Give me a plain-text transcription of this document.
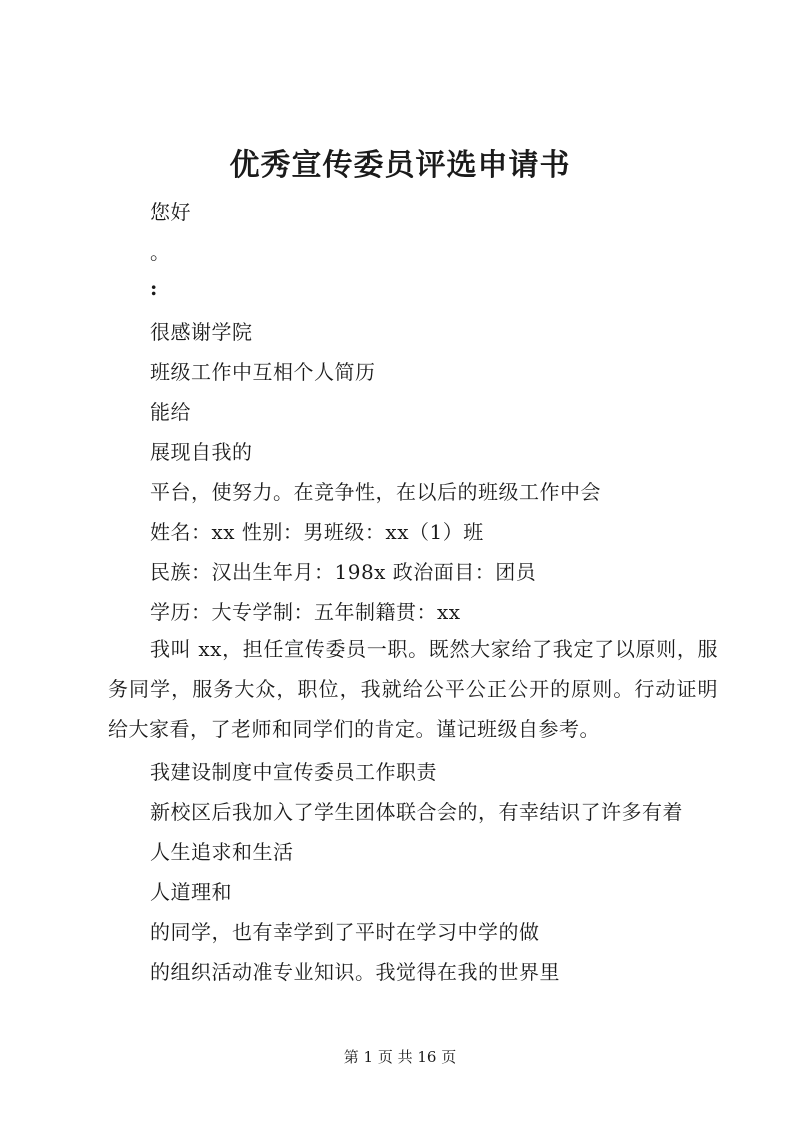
优秀宣传委员评选申请书
您好
。
:
很感谢学院
班级工作中互相个人简历
能给
展现自我的
平台，使努力。在竞争性，在以后的班级工作中会
姓名：xx 性别：男班级：xx（1）班
民族：汉出生年月：198x 政治面目：团员
学历：大专学制：五年制籍贯：xx
我叫 xx，担任宣传委员一职。既然大家给了我定了以原则，服务同学，服务大众，职位，我就给公平公正公开的原则。行动证明给大家看，了老师和同学们的肯定。谨记班级自参考。
我建设制度中宣传委员工作职责
新校区后我加入了学生团体联合会的，有幸结识了许多有着
人生追求和生活
人道理和
的同学，也有幸学到了平时在学习中学的做
的组织活动准专业知识。我觉得在我的世界里
第 1 页 共 16 页
